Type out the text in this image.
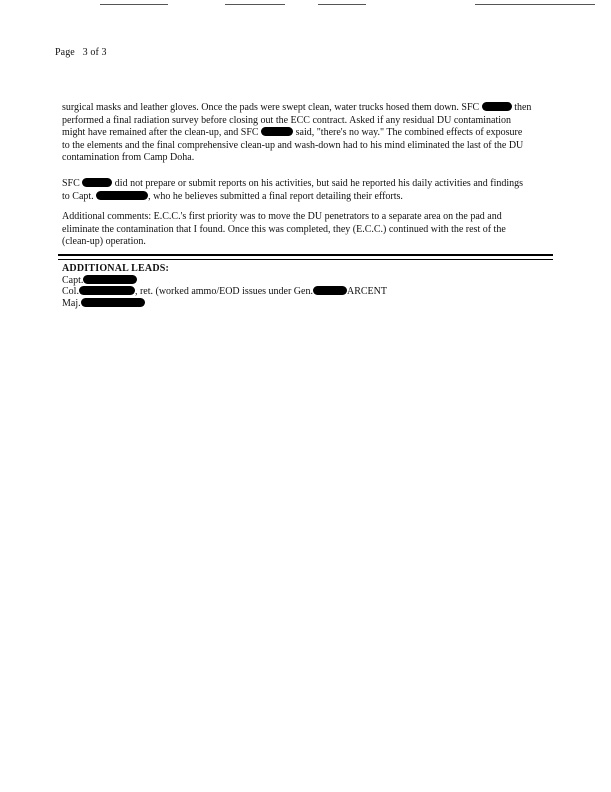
Page 3 of 3
surgical masks and leather gloves. Once the pads were swept clean, water trucks hosed them down. SFC	then performed a final radiation survey before closing out the ECC contract. Asked if any residual DU contamination might have remained after the clean-up, and SFC	said, "there's no way." The combined effects of exposure to the elements and the final comprehensive clean-up and wash-down had to his mind eliminated the last of the DU contamination from Camp Doha.
SFC	did not prepare or submit reports on his activities, but said he reported his daily activities and findings to Capt.	, who he believes submitted a final report detailing their efforts.
Additional comments: E.C.C.'s first priority was to move the DU penetrators to a separate area on the pad and eliminate the contamination that I found. Once this was completed, they (E.C.C.) continued with the rest of the (clean-up) operation.
ADDITIONAL LEADS:
Capt.
Col.	, ret. (worked ammo/EOD issues under Gen.	ARCENT
Maj.
